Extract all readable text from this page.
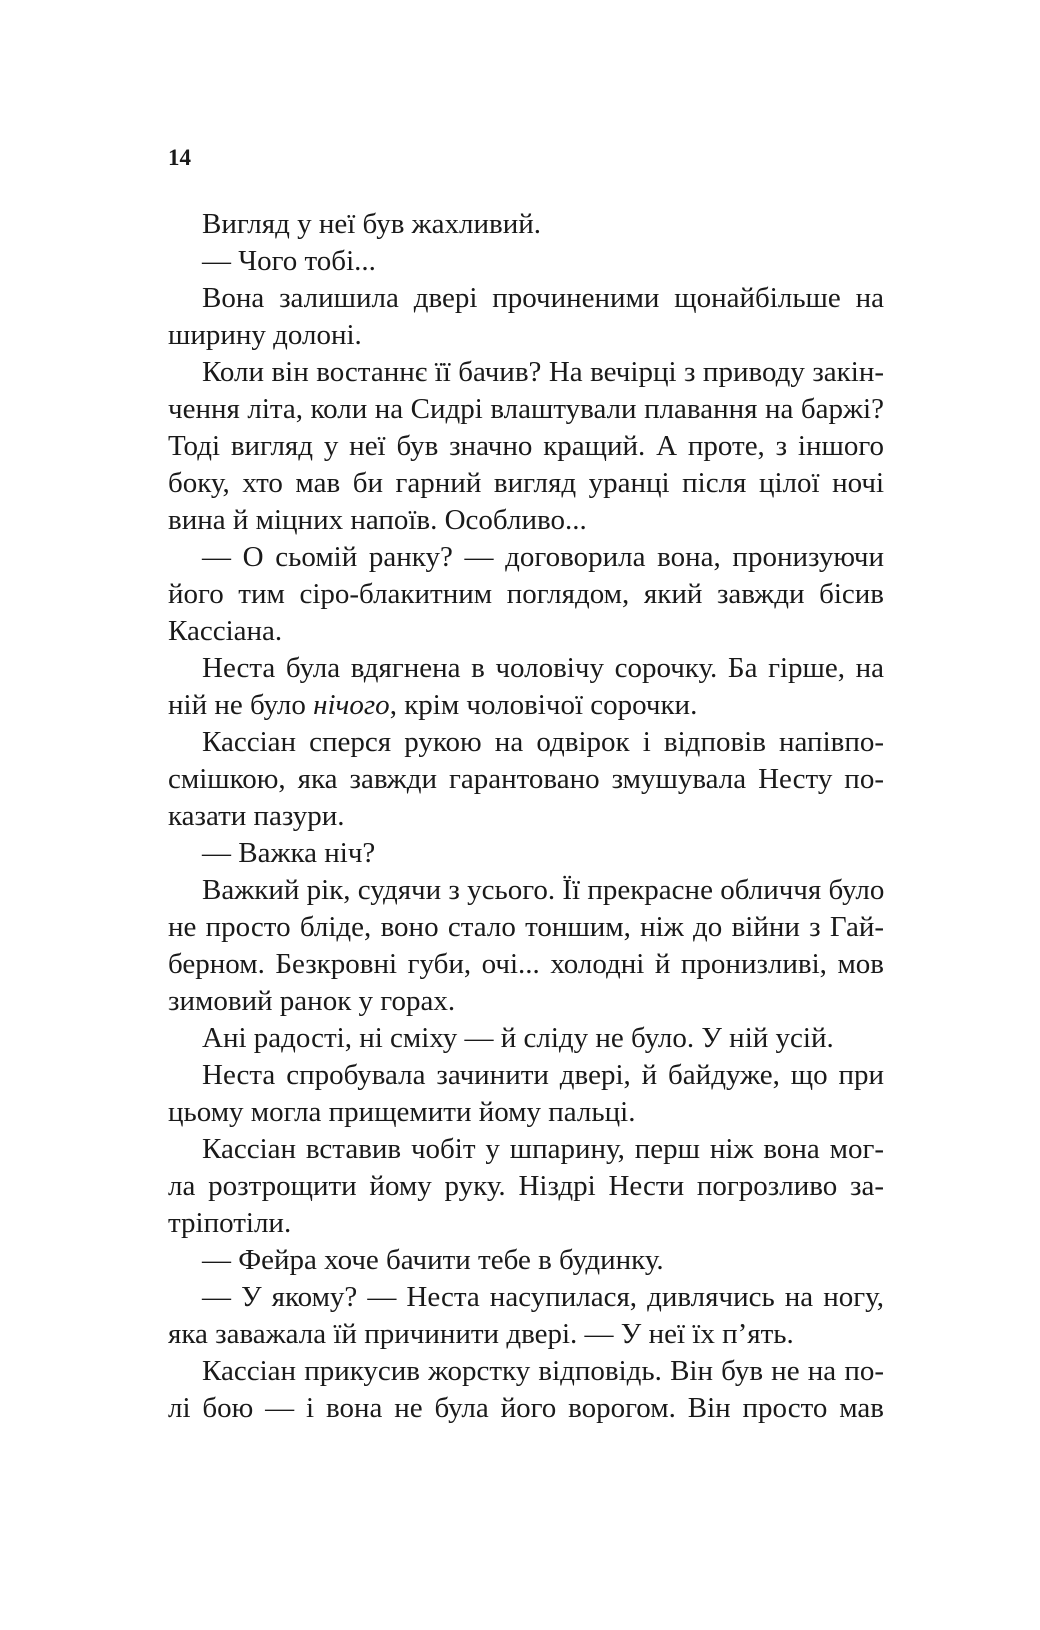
14
Вигляд у неї був жахливий.
— Чого тобі...
Вона залишила двері прочиненими щонайбільше на
ширину долоні.
Коли він востаннє її бачив? На вечірці з приводу закін-
чення літа, коли на Сидрі влаштували плавання на баржі?
Тоді вигляд у неї був значно кращий. А проте, з іншого
боку, хто мав би гарний вигляд уранці після цілої ночі
вина й міцних напоїв. Особливо...
— О сьомій ранку? — договорила вона, пронизуючи
його тим сіро-блакитним поглядом, який завжди бісив
Кассіана.
Неста була вдягнена в чоловічу сорочку. Ба гірше, на
ній не було нічого, крім чоловічої сорочки.
Кассіан сперся рукою на одвірок і відповів напівпо-
смішкою, яка завжди гарантовано змушувала Несту по-
казати пазури.
— Важка ніч?
Важкий рік, судячи з усього. Її прекрасне обличчя було
не просто бліде, воно стало тоншим, ніж до війни з Гай-
берном. Безкровні губи, очі... холодні й пронизливі, мов
зимовий ранок у горах.
Ані радості, ні сміху — й сліду не було. У ній усій.
Неста спробувала зачинити двері, й байдуже, що при
цьому могла прищемити йому пальці.
Кассіан вставив чобіт у шпарину, перш ніж вона мог-
ла розтрощити йому руку. Ніздрі Нести погрозливо за-
тріпотіли.
— Фейра хоче бачити тебе в будинку.
— У якому? — Неста насупилася, дивлячись на ногу,
яка заважала їй причинити двері. — У неї їх п’ять.
Кассіан прикусив жорстку відповідь. Він був не на по-
лі бою — і вона не була його ворогом. Він просто мав
